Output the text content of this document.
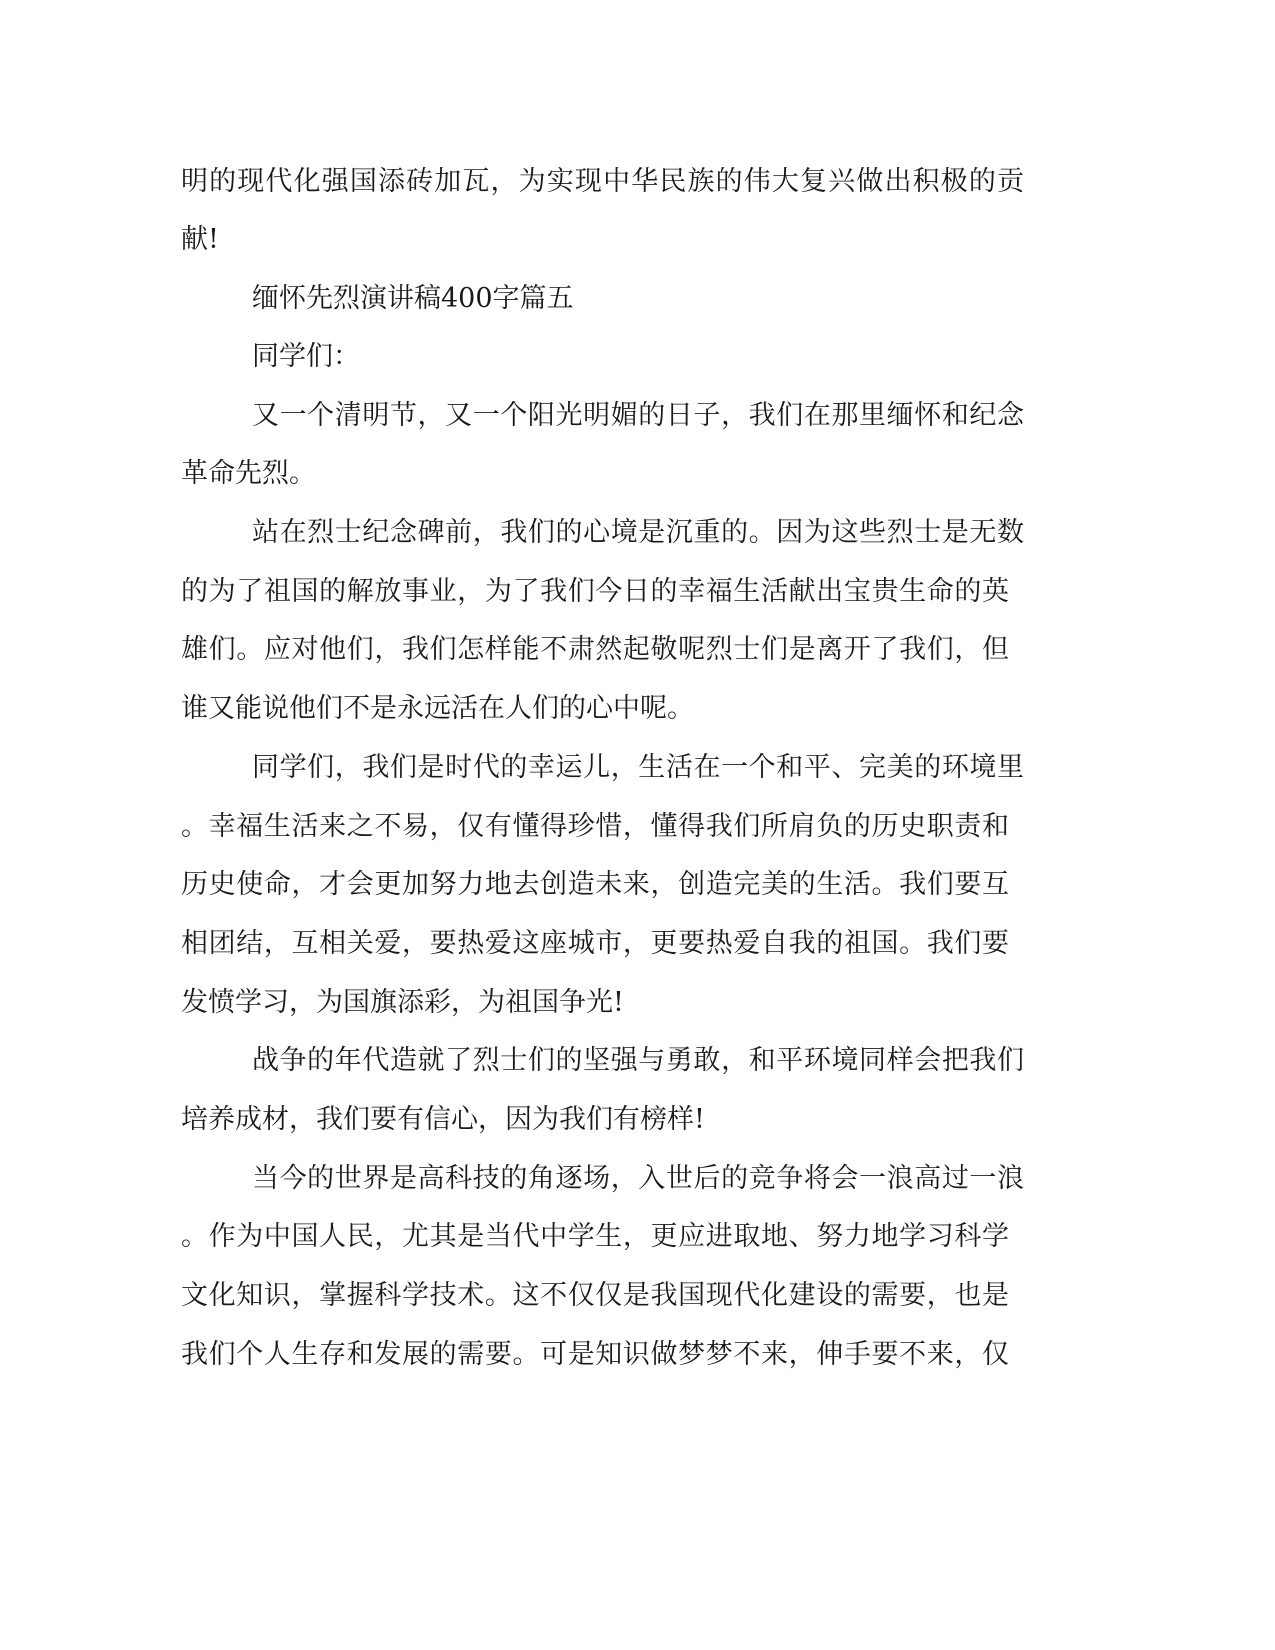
明的现代化强国添砖加瓦，为实现中华民族的伟大复兴做出积极的贡

献!

缅怀先烈演讲稿400字篇五

同学们：

又一个清明节，又一个阳光明媚的日子，我们在那里缅怀和纪念

革命先烈。

站在烈士纪念碑前，我们的心境是沉重的。因为这些烈士是无数

的为了祖国的解放事业，为了我们今日的幸福生活献出宝贵生命的英

雄们。应对他们，我们怎样能不肃然起敬呢烈士们是离开了我们，但

谁又能说他们不是永远活在人们的心中呢。

同学们，我们是时代的幸运儿，生活在一个和平、完美的环境里

。幸福生活来之不易，仅有懂得珍惜，懂得我们所肩负的历史职责和

历史使命，才会更加努力地去创造未来，创造完美的生活。我们要互

相团结，互相关爱，要热爱这座城市，更要热爱自我的祖国。我们要

发愤学习，为国旗添彩，为祖国争光!

战争的年代造就了烈士们的坚强与勇敢，和平环境同样会把我们

培养成材，我们要有信心，因为我们有榜样!

当今的世界是高科技的角逐场，入世后的竞争将会一浪高过一浪

。作为中国人民，尤其是当代中学生，更应进取地、努力地学习科学

文化知识，掌握科学技术。这不仅仅是我国现代化建设的需要，也是

我们个人生存和发展的需要。可是知识做梦梦不来，伸手要不来，仅
